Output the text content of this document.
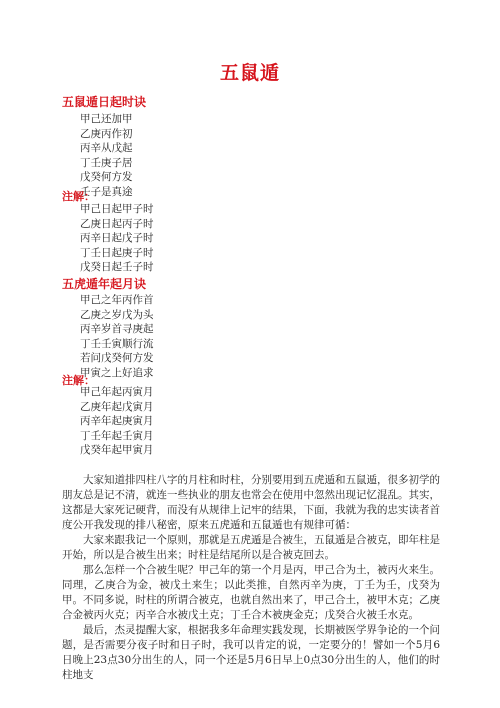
五鼠遁
五鼠遁日起时诀
甲己还加甲
乙庚丙作初
丙辛从戊起
丁壬庚子居
戊癸何方发
壬子是真途
注解：
甲己日起甲子时
乙庚日起丙子时
丙辛日起戊子时
丁壬日起庚子时
戊癸日起壬子时
五虎遁年起月诀
甲己之年丙作首
乙庚之岁戊为头
丙辛岁首寻庚起
丁壬壬寅顺行流
若问戊癸何方发
甲寅之上好追求
注解：
甲己年起丙寅月
乙庚年起戊寅月
丙辛年起庚寅月
丁壬年起壬寅月
戊癸年起甲寅月

大家知道排四柱八字的月柱和时柱，分别要用到五虎遁和五鼠遁，很多初学的朋友总是记不清，就连一些执业的朋友也常会在使用中忽然出现记忆混乱。其实，这都是大家死记硬背，而没有从规律上记牢的结果，下面，我就为我的忠实读者首度公开我发现的排八秘密，原来五虎遁和五鼠遁也有规律可循：

大家来跟我记一个原则，那就是五虎遁是合被生，五鼠遁是合被克，即年柱是开始，所以是合被生出来；时柱是结尾所以是合被克回去。

那么怎样一个合被生呢？甲己年的第一个月是丙，甲己合为土，被丙火来生。同理，乙庚合为金，被戊土来生；以此类推，自然丙辛为庚，丁壬为壬，戊癸为甲。不同多说，时柱的所谓合被克，也就自然出来了，甲己合土，被甲木克；乙庚合金被丙火克；丙辛合水被戊土克；丁壬合木被庚金克；戊癸合火被壬水克。

最后，杰灵提醒大家，根据我多年命理实践发现，长期被医学界争论的一个问题，是否需要分夜子时和日子时，我可以肯定的说，一定要分的！譬如一个5月6日晚上23点30分出生的人，同一个还是5月6日早上0点30分出生的人，他们的时柱地支
